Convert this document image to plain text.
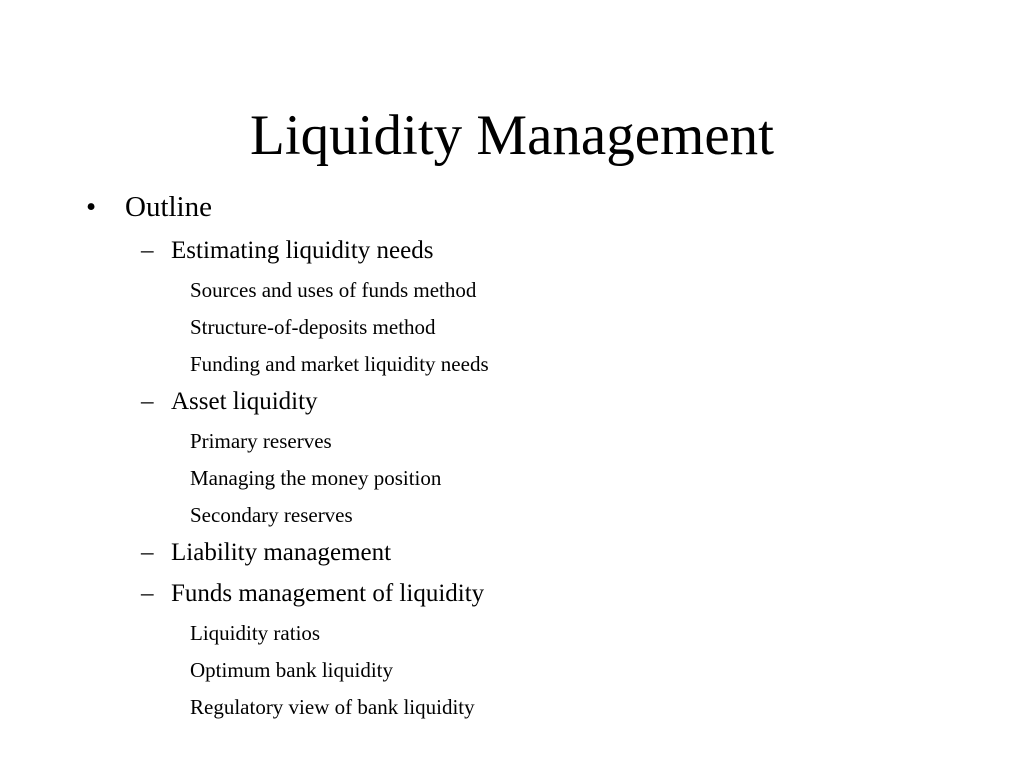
Liquidity Management
• Outline
– Estimating liquidity needs
Sources and uses of funds method
Structure-of-deposits method
Funding and market liquidity needs
– Asset liquidity
Primary reserves
Managing the money position
Secondary reserves
– Liability management
– Funds management of liquidity
Liquidity ratios
Optimum bank liquidity
Regulatory view of bank liquidity
